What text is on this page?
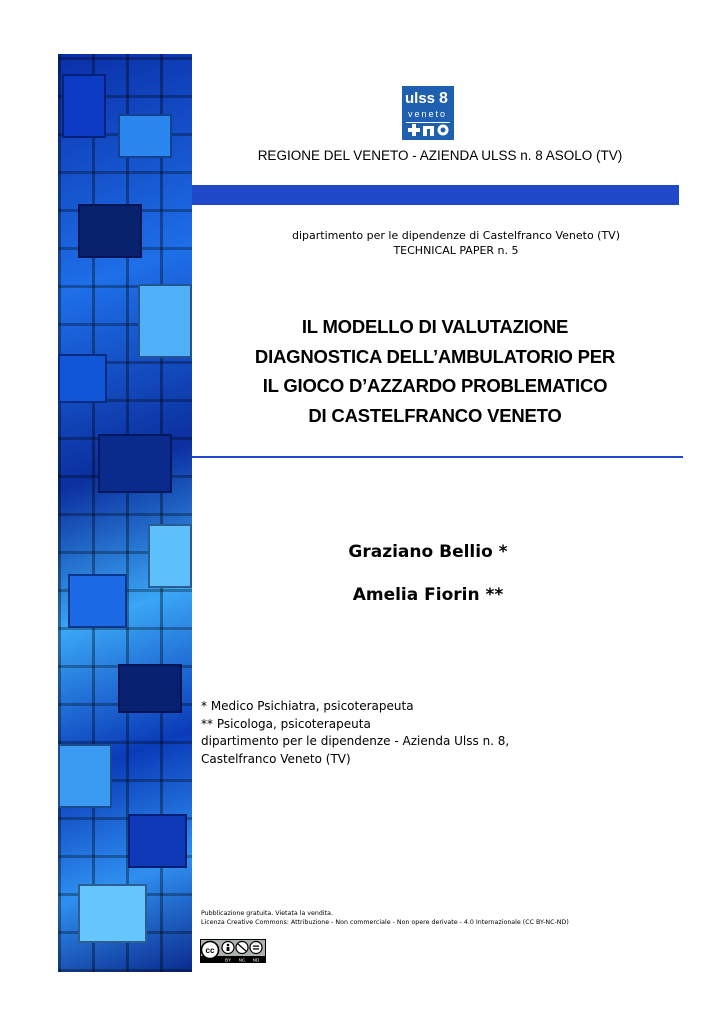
ulss 8
veneto
REGIONE DEL VENETO - AZIENDA ULSS n. 8 ASOLO (TV)
dipartimento per le dipendenze di Castelfranco Veneto (TV)
TECHNICAL PAPER n. 5
IL MODELLO DI VALUTAZIONE
DIAGNOSTICA DELL’AMBULATORIO PER
IL GIOCO D’AZZARDO PROBLEMATICO
DI CASTELFRANCO VENETO
Graziano Bellio *
Amelia Fiorin **
* Medico Psichiatra, psicoterapeuta
** Psicologa, psicoterapeuta
dipartimento per le dipendenze - Azienda Ulss n. 8,
Castelfranco Veneto (TV)
Pubblicazione gratuita. Vietata la vendita.
Licenza Creative Commons: Attribuzione - Non commerciale - Non opere derivate - 4.0 Internazionale (CC BY-NC-ND)
cc
BY NC ND
